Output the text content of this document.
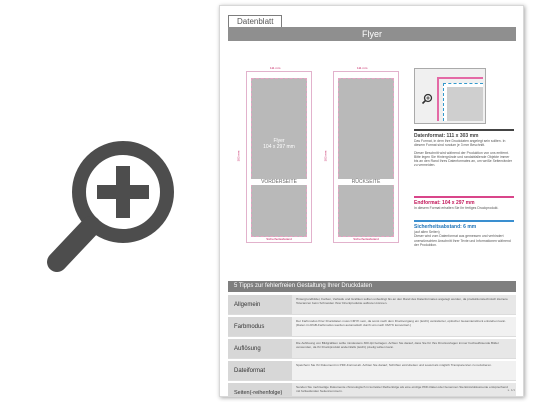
Datenblatt
Flyer
Flyer
104 x 297 mm
VORDERSEITE
Sicherheitsabstand
111 mm
303 mm
RÜCKSEITE
Sicherheitsabstand
111 mm
303 mm
Datenformat: 111 x 303 mm
Das Format, in dem Ihre Druckdaten angelegt sein sollten. In diesem Format sind rundum je 3 mm Beschnitt.
Dieser Beschnitt wird während der Produktion von uns entfernt. Bitte legen Sie Hintergründe und randabfallende Objekte immer bis an den Rand Ihres Datenformates an, um weiße Seitenränder zu vermeiden.
Endformat: 104 x 297 mm
In diesem Format erhalten Sie Ihr fertiges Druckprodukt.
Sicherheitsabstand: 6 mm
(auf allen Seiten)
Dieser wird vom Datenformat aus gemessen und verhindert unerwünschten Anschnitt Ihrer Texte und Informationen während der Produktion.
5 Tipps zur fehlerfreien Gestaltung Ihrer Druckdaten
Allgemein
Hintergrundbilder, Farben, Verläufe und Grafiken sollten unbedingt bis an den Rand des Datenformates angelegt werden, da produktionstechnisch kleinere Toleranzen beim Schneiden Ihrer Druckprodukte auftreten können.
Farbmodus
Der Farbmodus Ihrer Druckdaten muss CMYK sein, da sonst nach dem Druckvorgang ein (leicht) veränderter, optischer Gesamteindruck entstehen kann. (Daten im RGB-Farbmodus werden automatisch durch uns nach CMYK konvertiert.)
Auflösung
Die Auflösung von Bildgrafiken sollte mindestens 300 dpi betragen. Achten Sie darauf, dass Sie für Ihre Druckvorlagen immer hochauflösende Bilder verwenden, da Ihr Druckprodukt andernfalls (leicht) pixelig wirken kann.
Dateiformat
Speichern Sie Ihr Dokument im PDF-Format ab. Achten Sie darauf, Schriften einzubetten und soweit als möglich Transparenzen zu reduzieren.
Seiten(-reihenfolge)
Senden Sie mehrseitige Dokumente chronologisch in korrekter Reihenfolge als eine einzige PDF-Datei oder benennen Sie Einzeldokumente entsprechend mit fortlaufenden Seitennummern.	s. 1/1
